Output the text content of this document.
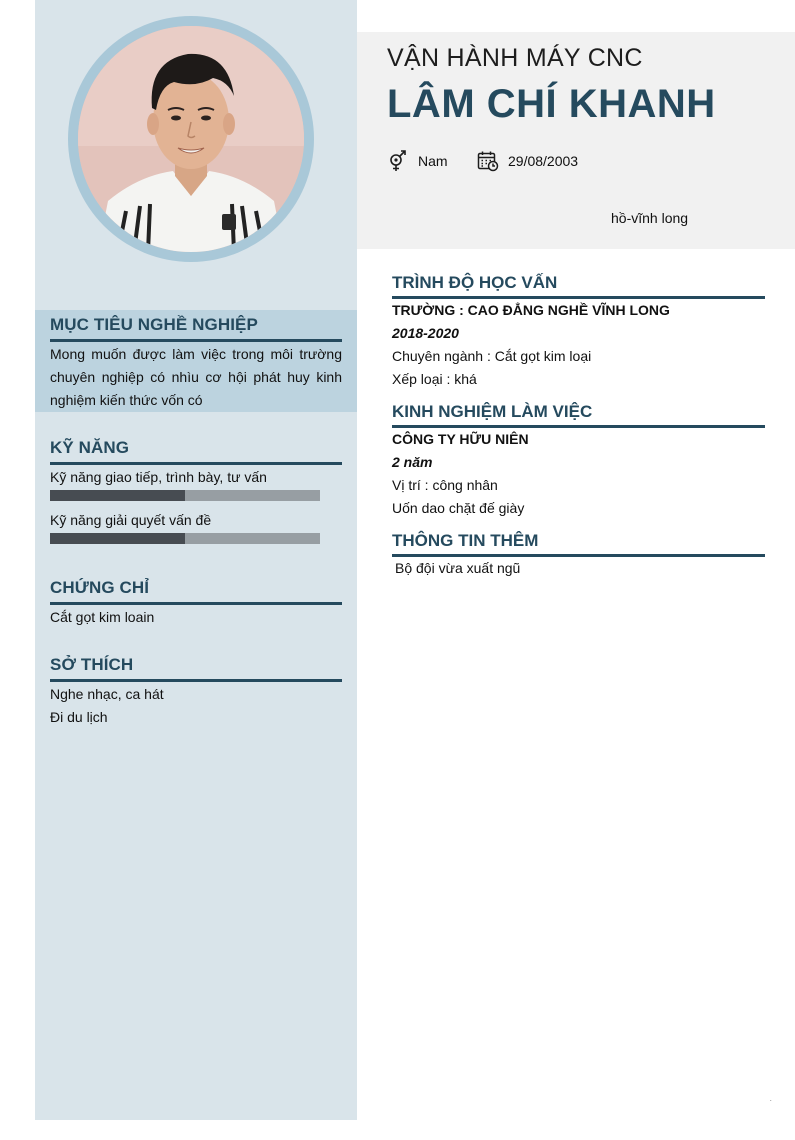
MỤC TIÊU NGHỀ NGHIỆP
Mong muốn được làm việc trong môi trường chuyên nghiệp có nhìu cơ hội phát huy kinh nghiệm kiến thức vốn có
KỸ NĂNG
Kỹ năng giao tiếp, trình bày, tư vấn
Kỹ năng giải quyết vấn đề
CHỨNG CHỈ
Cắt gọt kim loain
SỞ THÍCH
Nghe nhạc, ca hát
Đi du lịch
VẬN HÀNH MÁY CNC
LÂM CHÍ KHANH
Nam	29/08/2003
hồ-vĩnh long
TRÌNH ĐỘ HỌC VẤN
TRƯỜNG : CAO ĐẲNG NGHỀ VĨNH LONG
2018-2020
Chuyên ngành : Cắt gọt kim loại
Xếp loại : khá
KINH NGHIỆM LÀM VIỆC
CÔNG TY HỮU NIÊN
2 năm
Vị trí : công nhân
Uốn dao chặt đế giày
THÔNG TIN THÊM
Bộ đội vừa xuất ngũ
.
